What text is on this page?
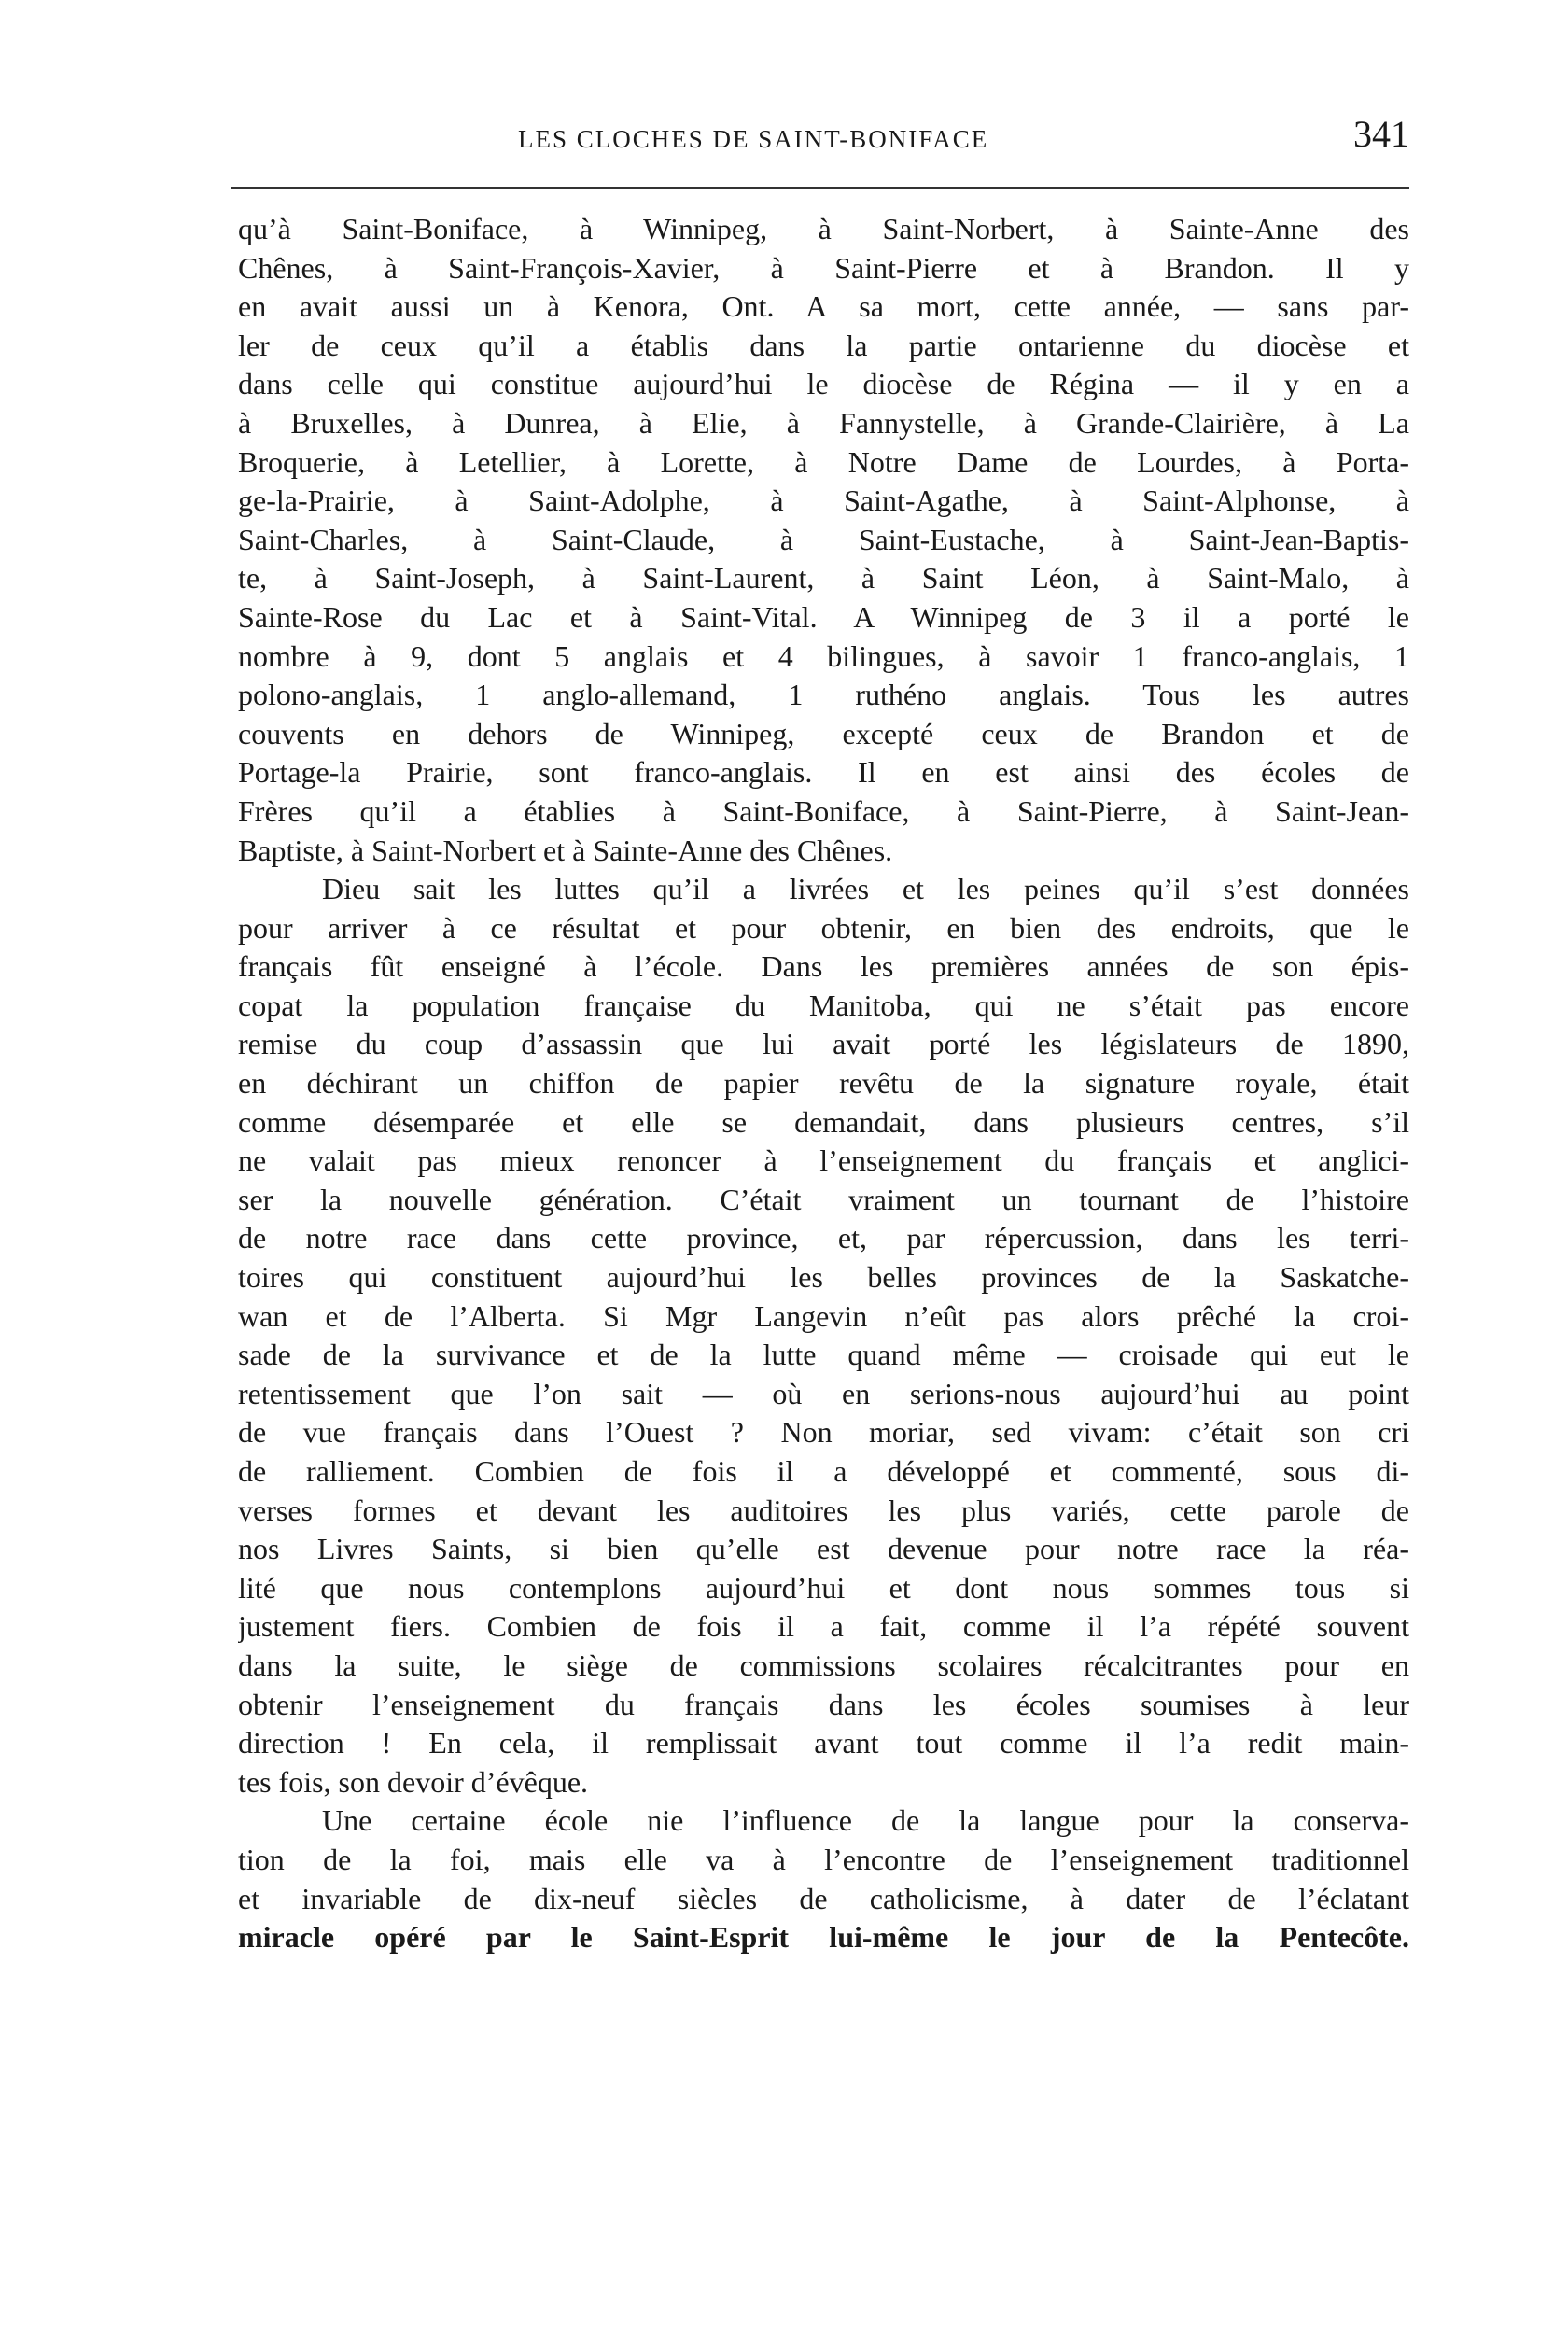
LES CLOCHES DE SAINT-BONIFACE	341
qu’à Saint-Boniface, à Winnipeg, à Saint-Norbert, à Sainte-Anne des
Chênes, à Saint-François-Xavier, à Saint-Pierre et à Brandon. Il y
en avait aussi un à Kenora, Ont. A sa mort, cette année, — sans par-
ler de ceux qu’il a établis dans la partie ontarienne du diocèse et
dans celle qui constitue aujourd’hui le diocèse de Régina — il y en a
à Bruxelles, à Dunrea, à Elie, à Fannystelle, à Grande-Clairière, à La
Broquerie, à Letellier, à Lorette, à Notre Dame de Lourdes, à Porta-
ge-la-Prairie, à Saint-Adolphe, à Saint-Agathe, à Saint-Alphonse, à
Saint-Charles, à Saint-Claude, à Saint-Eustache, à Saint-Jean-Baptis-
te, à Saint-Joseph, à Saint-Laurent, à Saint Léon, à Saint-Malo, à
Sainte-Rose du Lac et à Saint-Vital. A Winnipeg de 3 il a porté le
nombre à 9, dont 5 anglais et 4 bilingues, à savoir 1 franco-anglais, 1
polono-anglais, 1 anglo-allemand, 1 ruthéno anglais. Tous les autres
couvents en dehors de Winnipeg, excepté ceux de Brandon et de
Portage-la Prairie, sont franco-anglais. Il en est ainsi des écoles de
Frères qu’il a établies à Saint-Boniface, à Saint-Pierre, à Saint-Jean-
Baptiste, à Saint-Norbert et à Sainte-Anne des Chênes.
Dieu sait les luttes qu’il a livrées et les peines qu’il s’est données
pour arriver à ce résultat et pour obtenir, en bien des endroits, que le
français fût enseigné à l’école. Dans les premières années de son épis-
copat la population française du Manitoba, qui ne s’était pas encore
remise du coup d’assassin que lui avait porté les législateurs de 1890,
en déchirant un chiffon de papier revêtu de la signature royale, était
comme désemparée et elle se demandait, dans plusieurs centres, s’il
ne valait pas mieux renoncer à l’enseignement du français et anglici-
ser la nouvelle génération. C’était vraiment un tournant de l’histoire
de notre race dans cette province, et, par répercussion, dans les terri-
toires qui constituent aujourd’hui les belles provinces de la Saskatche-
wan et de l’Alberta. Si Mgr Langevin n’eût pas alors prêché la croi-
sade de la survivance et de la lutte quand même — croisade qui eut le
retentissement que l’on sait — où en serions-nous aujourd’hui au point
de vue français dans l’Ouest ? Non moriar, sed vivam: c’était son cri
de ralliement. Combien de fois il a développé et commenté, sous di-
verses formes et devant les auditoires les plus variés, cette parole de
nos Livres Saints, si bien qu’elle est devenue pour notre race la réa-
lité que nous contemplons aujourd’hui et dont nous sommes tous si
justement fiers. Combien de fois il a fait, comme il l’a répété souvent
dans la suite, le siège de commissions scolaires récalcitrantes pour en
obtenir l’enseignement du français dans les écoles soumises à leur
direction ! En cela, il remplissait avant tout comme il l’a redit main-
tes fois, son devoir d’évêque.
Une certaine école nie l’influence de la langue pour la conserva-
tion de la foi, mais elle va à l’encontre de l’enseignement traditionnel
et invariable de dix-neuf siècles de catholicisme, à dater de l’éclatant
miracle opéré par le Saint-Esprit lui-même le jour de la Pentecôte.
